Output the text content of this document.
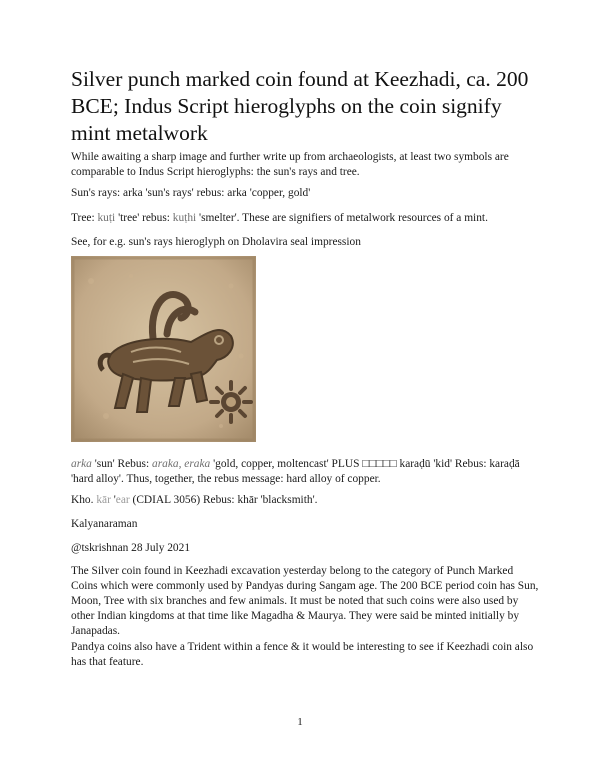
Silver punch marked coin found at Keezhadi, ca. 200 BCE; Indus Script hieroglyphs on the coin signify mint metalwork

While awaiting a sharp image and further write up from archaeologists, at least two symbols are comparable to Indus Script hieroglyphs: the sun's rays and tree.

Sun's rays: arka 'sun's rays' rebus: arka 'copper, gold'

Tree: kuṭi 'tree' rebus: kuṭhi 'smelter'. These are signifiers of metalwork resources of a mint.

See, for e.g. sun's rays hieroglyph on Dholavira seal impression

arka 'sun' Rebus: araka, eraka 'gold, copper, moltencast' PLUS □□□□□ karaḍū 'kid' Rebus: karaḍā 'hard alloy'. Thus, together, the rebus message: hard alloy of copper.

Kho. kār 'ear (CDIAL 3056) Rebus: khār 'blacksmith'.

Kalyanaraman

@tskrishnan 28 July 2021

The Silver coin found in Keezhadi excavation yesterday belong to the category of Punch Marked Coins which were commonly used by Pandyas during Sangam age. The 200 BCE period coin has Sun, Moon, Tree with six branches and few animals. It must be noted that such coins were also used by other Indian kingdoms at that time like Magadha & Maurya. They were said be minted initially by Janapadas.

Pandya coins also have a Trident within a fence & it would be interesting to see if Keezhadi coin also has that feature.

1
